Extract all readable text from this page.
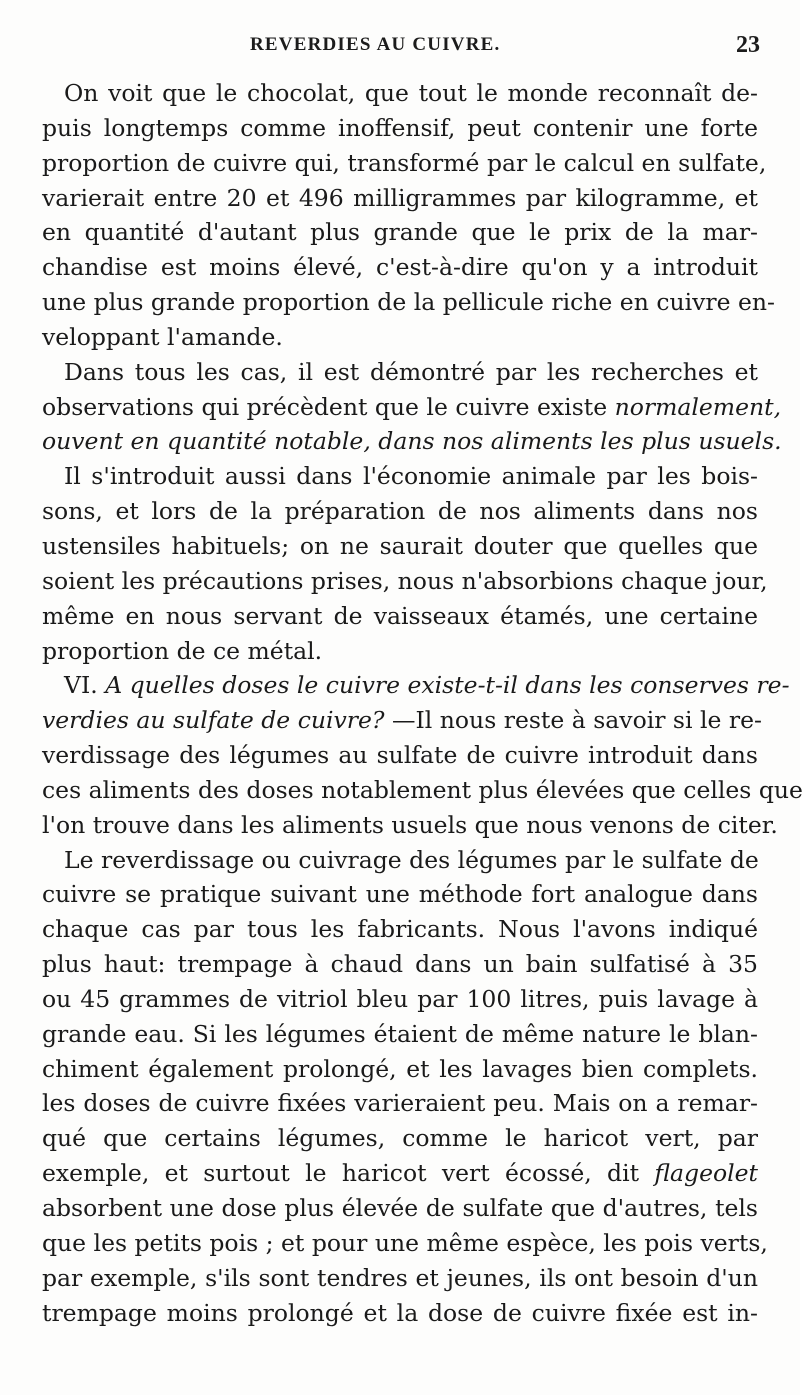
REVERDIES AU CUIVRE.	23
On voit que le chocolat, que tout le monde reconnaît de-
puis longtemps comme inoffensif, peut contenir une forte
proportion de cuivre qui, transformé par le calcul en sulfate,
varierait entre 20 et 496 milligrammes par kilogramme, et
en quantité d'autant plus grande que le prix de la mar-
chandise est moins élevé, c'est-à-dire qu'on y a introduit
une plus grande proportion de la pellicule riche en cuivre en-
veloppant l'amande.
Dans tous les cas, il est démontré par les recherches et
observations qui précèdent que le cuivre existe normalement,
ouvent en quantité notable, dans nos aliments les plus usuels.
Il s'introduit aussi dans l'économie animale par les bois-
sons, et lors de la préparation de nos aliments dans nos
ustensiles habituels; on ne saurait douter que quelles que
soient les précautions prises, nous n'absorbions chaque jour,
même en nous servant de vaisseaux étamés, une certaine
proportion de ce métal.
VI. A quelles doses le cuivre existe-t-il dans les conserves re-
verdies au sulfate de cuivre? —Il nous reste à savoir si le re-
verdissage des légumes au sulfate de cuivre introduit dans
ces aliments des doses notablement plus élevées que celles que
l'on trouve dans les aliments usuels que nous venons de citer.
Le reverdissage ou cuivrage des légumes par le sulfate de
cuivre se pratique suivant une méthode fort analogue dans
chaque cas par tous les fabricants. Nous l'avons indiqué
plus haut: trempage à chaud dans un bain sulfatisé à 35
ou 45 grammes de vitriol bleu par 100 litres, puis lavage à
grande eau. Si les légumes étaient de même nature le blan-
chiment également prolongé, et les lavages bien complets.
les doses de cuivre fixées varieraient peu. Mais on a remar-
qué que certains légumes, comme le haricot vert, par
exemple, et surtout le haricot vert écossé, dit flageolet
absorbent une dose plus élevée de sulfate que d'autres, tels
que les petits pois ; et pour une même espèce, les pois verts,
par exemple, s'ils sont tendres et jeunes, ils ont besoin d'un
trempage moins prolongé et la dose de cuivre fixée est in-
